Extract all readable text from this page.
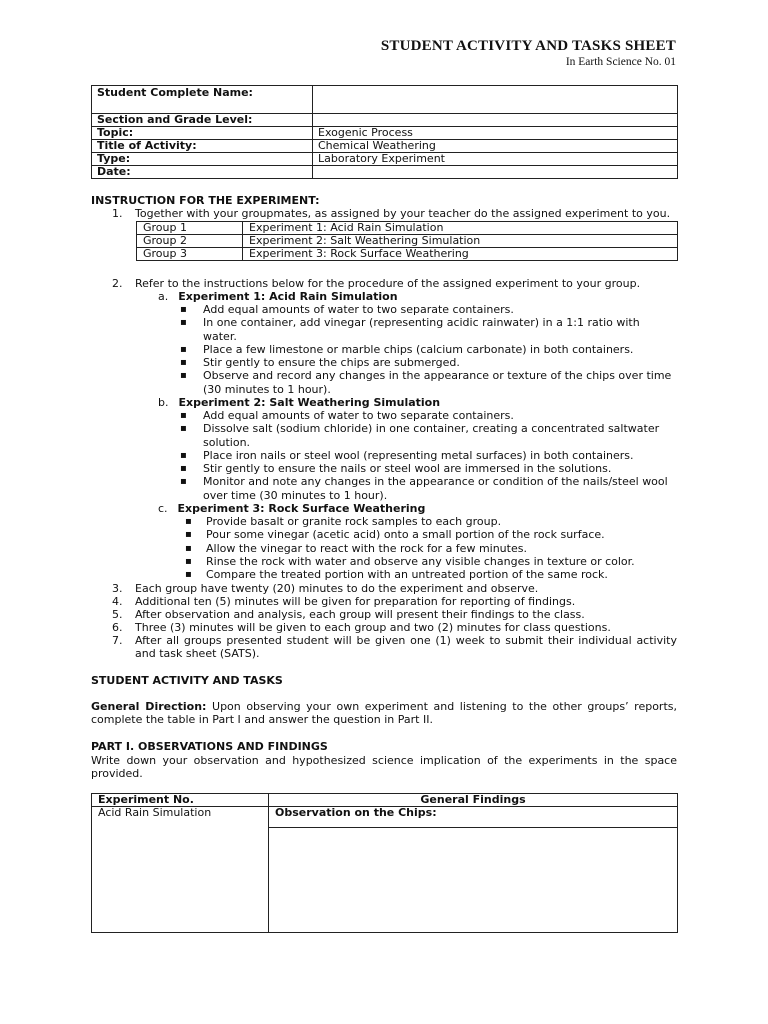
STUDENT ACTIVITY AND TASKS SHEET
In Earth Science No. 01
Student Complete Name:	
Section and Grade Level:	
Topic:	Exogenic Process
Title of Activity:	Chemical Weathering
Type:	Laboratory Experiment
Date:	
INSTRUCTION FOR THE EXPERIMENT:
1. Together with your groupmates, as assigned by your teacher do the assigned experiment to you.
Group 1	Experiment 1: Acid Rain Simulation
Group 2	Experiment 2: Salt Weathering Simulation
Group 3	Experiment 3: Rock Surface Weathering
2. Refer to the instructions below for the procedure of the assigned experiment to your group.
a. Experiment 1: Acid Rain Simulation
▪ Add equal amounts of water to two separate containers.
▪ In one container, add vinegar (representing acidic rainwater) in a 1:1 ratio with water.
▪ Place a few limestone or marble chips (calcium carbonate) in both containers.
▪ Stir gently to ensure the chips are submerged.
▪ Observe and record any changes in the appearance or texture of the chips over time (30 minutes to 1 hour).
b. Experiment 2: Salt Weathering Simulation
▪ Add equal amounts of water to two separate containers.
▪ Dissolve salt (sodium chloride) in one container, creating a concentrated saltwater solution.
▪ Place iron nails or steel wool (representing metal surfaces) in both containers.
▪ Stir gently to ensure the nails or steel wool are immersed in the solutions.
▪ Monitor and note any changes in the appearance or condition of the nails/steel wool over time (30 minutes to 1 hour).
c. Experiment 3: Rock Surface Weathering
▪ Provide basalt or granite rock samples to each group.
▪ Pour some vinegar (acetic acid) onto a small portion of the rock surface.
▪ Allow the vinegar to react with the rock for a few minutes.
▪ Rinse the rock with water and observe any visible changes in texture or color.
▪ Compare the treated portion with an untreated portion of the same rock.
3. Each group have twenty (20) minutes to do the experiment and observe.
4. Additional ten (5) minutes will be given for preparation for reporting of findings.
5. After observation and analysis, each group will present their findings to the class.
6. Three (3) minutes will be given to each group and two (2) minutes for class questions.
7. After all groups presented student will be given one (1) week to submit their individual activity and task sheet (SATS).
STUDENT ACTIVITY AND TASKS
General Direction: Upon observing your own experiment and listening to the other groups’ reports, complete the table in Part I and answer the question in Part II.
PART I. OBSERVATIONS AND FINDINGS
Write down your observation and hypothesized science implication of the experiments in the space provided.
Experiment No.	General Findings
Acid Rain Simulation	Observation on the Chips:
